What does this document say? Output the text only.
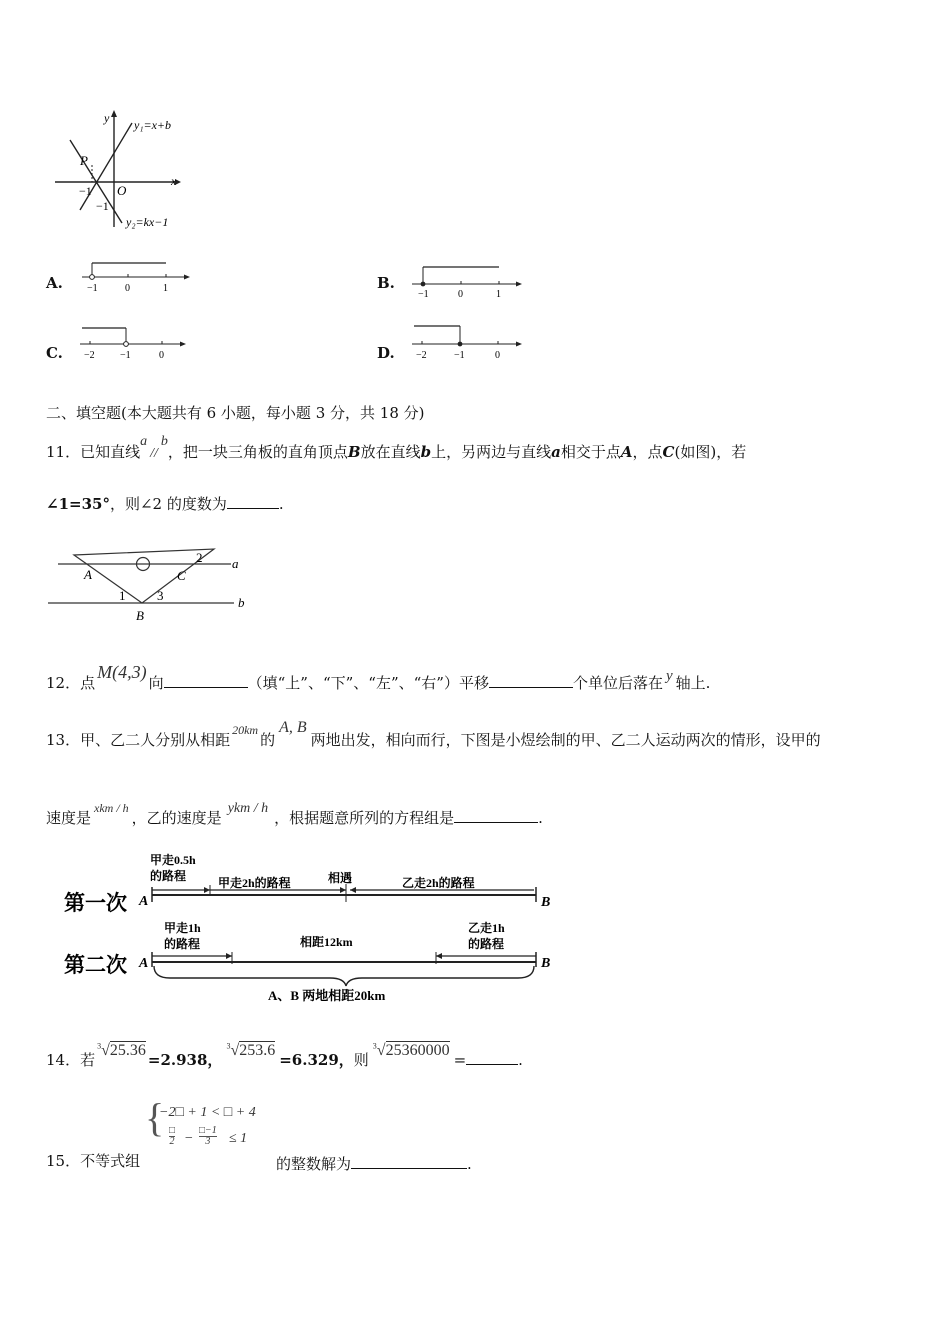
y
x
y₁=x+b
y₂=kx−1
P
O
−1
−1
A. −1	0	1	B.
−1	0	1
C. −2	−1	0	D. −2	−1	0
二、填空题(本大题共有 6 小题，每小题 3 分，共 18 分)
11．已知直线a//b，把一块三角板的直角顶点B放在直线b上，另两边与直线a相交于点A，点C(如图)，若
∠1=35°，则∠2 的度数为	.
A
B
C
1
2
3
a
b
12．点M(4,3)向	（填“上”、“下”、“左”、“右”）平移	个单位后落在 y 轴上.
13．甲、乙二人分别从相距$^{20km}$的A, B两地出发，相向而行，下图是小煜绘制的甲、乙二人运动两次的情形，设甲的
速度是$^{xkm / h}$，乙的速度是ykm / h，根据题意所列的方程组是	.
第一次
第二次
A	B
A	B
甲走0.5h
的路程	甲走2h的路程	相遇	乙走2h的路程
甲走1h
的路程	相距12km
乙走1h
的路程
A、B 两地相距20km
14．若$^3$√25.36=2.938，$^3$√253.6=6.329，则$^3$√25360000=	.
15．不等式组
{
−2□ + 1 < □ + 4
□
$2 - \frac{□-1}{3} \le 1$
的整数解为	.
